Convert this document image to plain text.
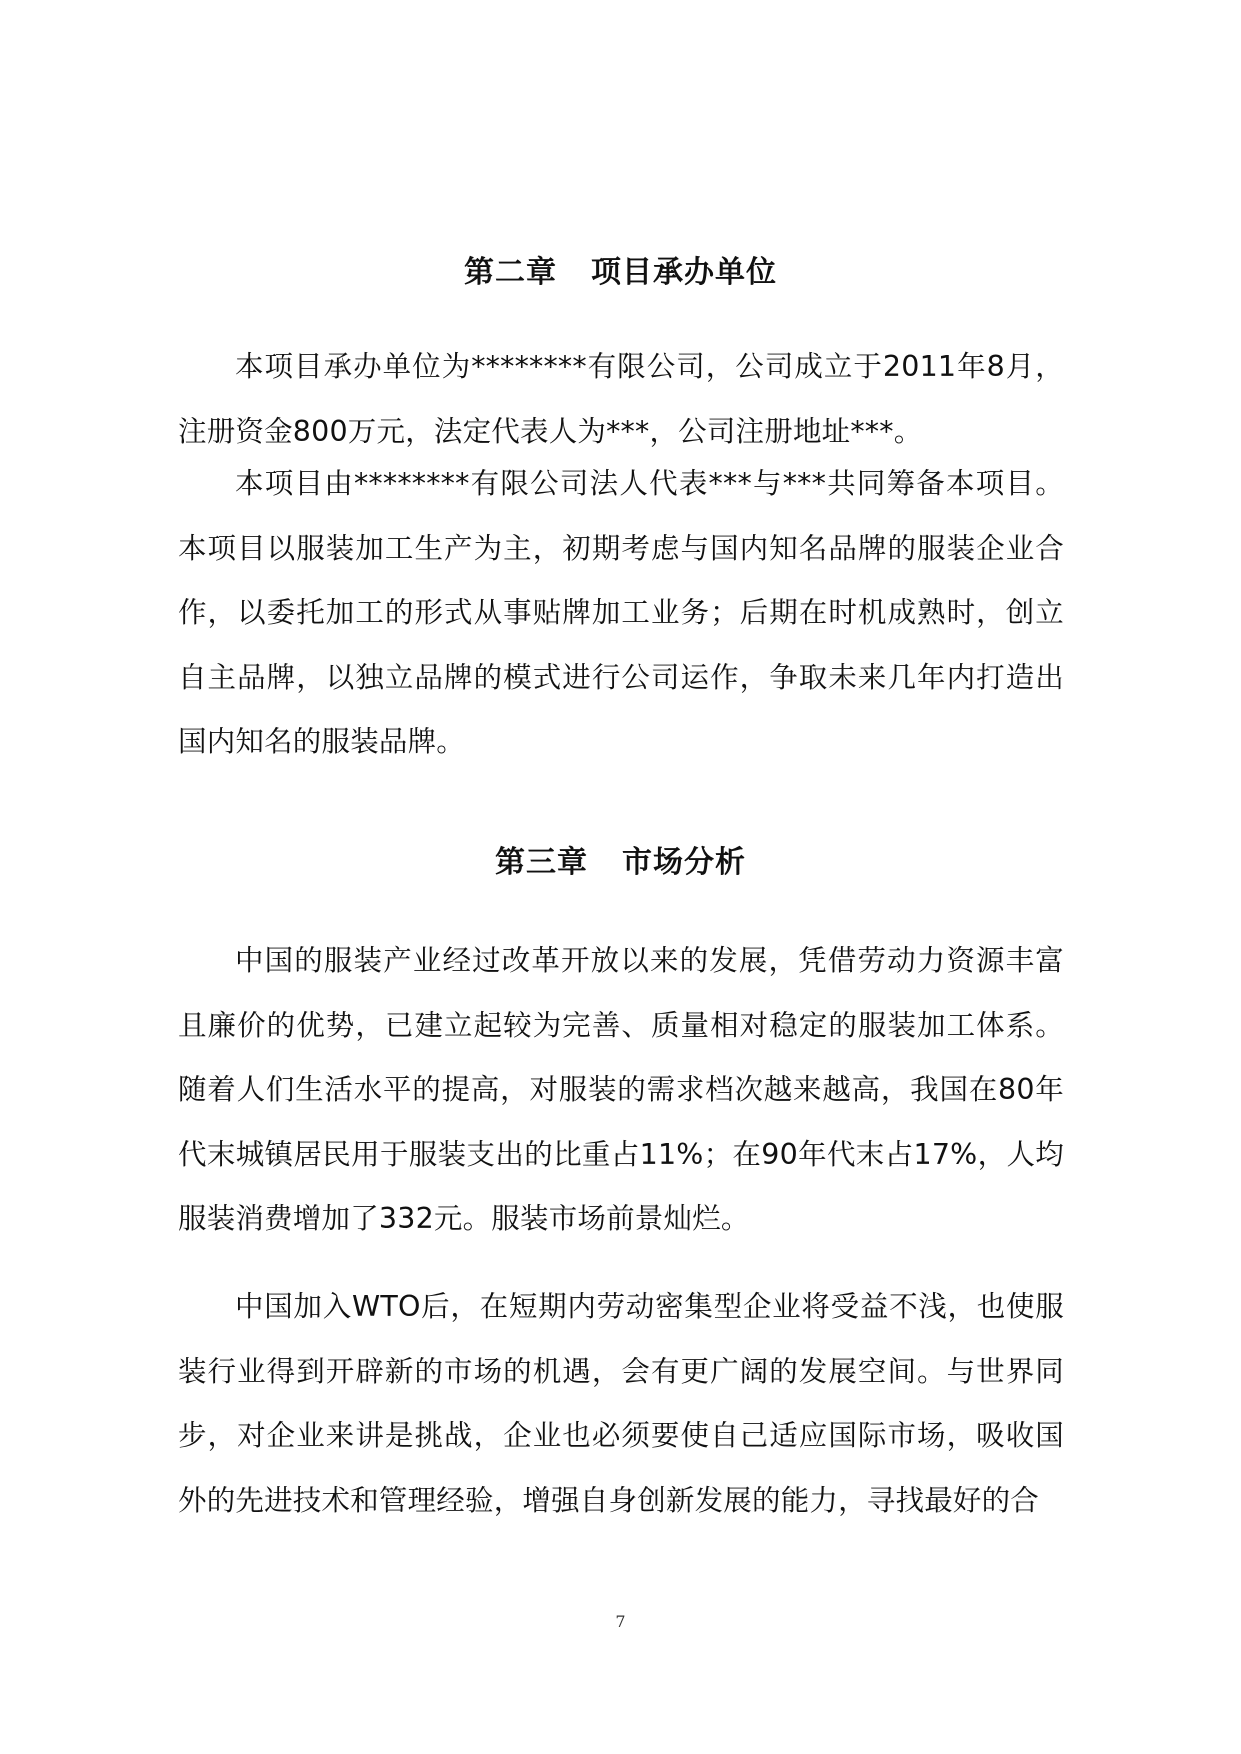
第二章 项目承办单位

本项目承办单位为********有限公司，公司成立于2011年8月，注册资金800万元，法定代表人为***，公司注册地址***。

本项目由********有限公司法人代表***与***共同筹备本项目。本项目以服装加工生产为主，初期考虑与国内知名品牌的服装企业合作，以委托加工的形式从事贴牌加工业务；后期在时机成熟时，创立自主品牌，以独立品牌的模式进行公司运作，争取未来几年内打造出国内知名的服装品牌。

第三章 市场分析

中国的服装产业经过改革开放以来的发展，凭借劳动力资源丰富且廉价的优势，已建立起较为完善、质量相对稳定的服装加工体系。随着人们生活水平的提高，对服装的需求档次越来越高，我国在80年代末城镇居民用于服装支出的比重占11%；在90年代末占17%，人均服装消费增加了332元。服装市场前景灿烂。

中国加入WTO后，在短期内劳动密集型企业将受益不浅，也使服装行业得到开辟新的市场的机遇，会有更广阔的发展空间。与世界同步，对企业来讲是挑战，企业也必须要使自己适应国际市场，吸收国外的先进技术和管理经验，增强自身创新发展的能力，寻找最好的合

7
